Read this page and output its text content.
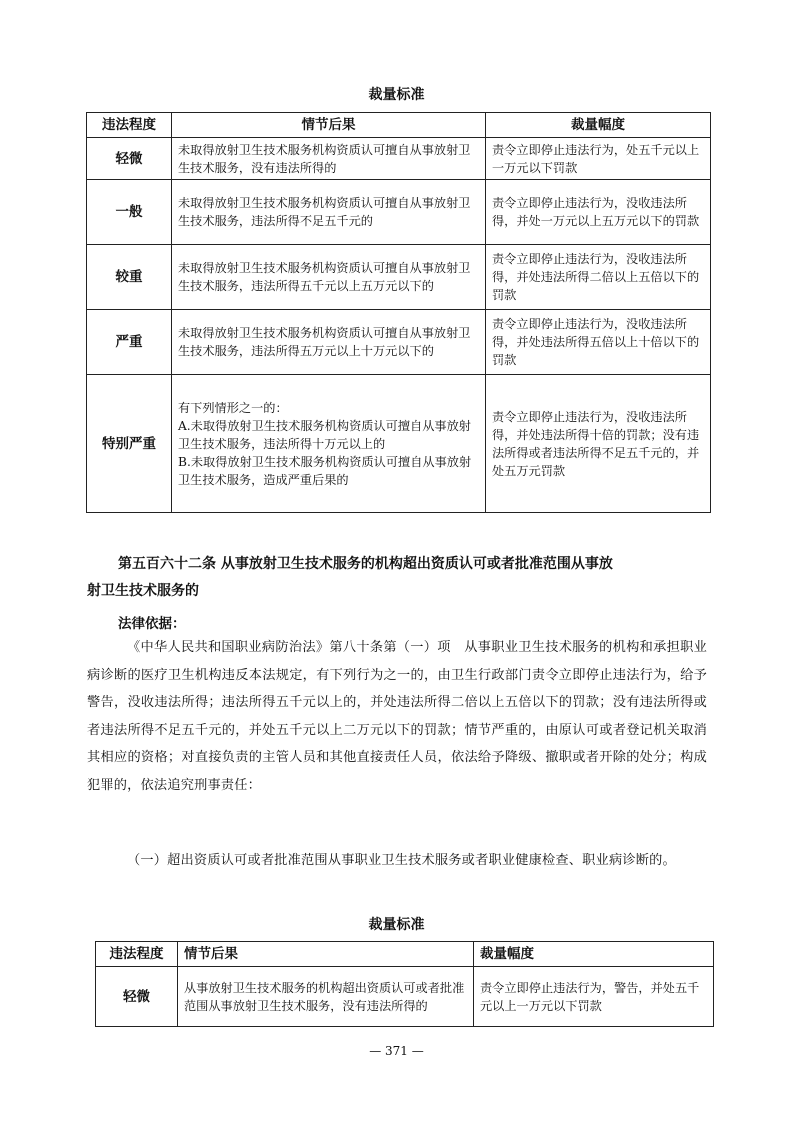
裁量标准
违法程度	情节后果	裁量幅度
轻微	未取得放射卫生技术服务机构资质认可擅自从事放射卫生技术服务，没有违法所得的	责令立即停止违法行为，处五千元以上一万元以下罚款
一般	未取得放射卫生技术服务机构资质认可擅自从事放射卫生技术服务，违法所得不足五千元的	责令立即停止违法行为，没收违法所得，并处一万元以上五万元以下的罚款
较重	未取得放射卫生技术服务机构资质认可擅自从事放射卫生技术服务，违法所得五千元以上五万元以下的	责令立即停止违法行为，没收违法所得，并处违法所得二倍以上五倍以下的罚款
严重	未取得放射卫生技术服务机构资质认可擅自从事放射卫生技术服务，违法所得五万元以上十万元以下的	责令立即停止违法行为，没收违法所得，并处违法所得五倍以上十倍以下的罚款
特别严重	有下列情形之一的：
A.未取得放射卫生技术服务机构资质认可擅自从事放射卫生技术服务，违法所得十万元以上的
B.未取得放射卫生技术服务机构资质认可擅自从事放射卫生技术服务，造成严重后果的	责令立即停止违法行为，没收违法所得，并处违法所得十倍的罚款；没有违法所得或者违法所得不足五千元的，并处五万元罚款
第五百六十二条 从事放射卫生技术服务的机构超出资质认可或者批准范围从事放
射卫生技术服务的
法律依据：
《中华人民共和国职业病防治法》第八十条第（一）项　从事职业卫生技术服务的机构和承担职业病诊断的医疗卫生机构违反本法规定，有下列行为之一的，由卫生行政部门责令立即停止违法行为，给予警告，没收违法所得；违法所得五千元以上的，并处违法所得二倍以上五倍以下的罚款；没有违法所得或者违法所得不足五千元的，并处五千元以上二万元以下的罚款；情节严重的，由原认可或者登记机关取消其相应的资格；对直接负责的主管人员和其他直接责任人员，依法给予降级、撤职或者开除的处分；构成犯罪的，依法追究刑事责任：
（一）超出资质认可或者批准范围从事职业卫生技术服务或者职业健康检查、职业病诊断的。
裁量标准
违法程度	情节后果	裁量幅度
轻微	从事放射卫生技术服务的机构超出资质认可或者批准范围从事放射卫生技术服务，没有违法所得的	责令立即停止违法行为，警告，并处五千元以上一万元以下罚款
— 371 —
